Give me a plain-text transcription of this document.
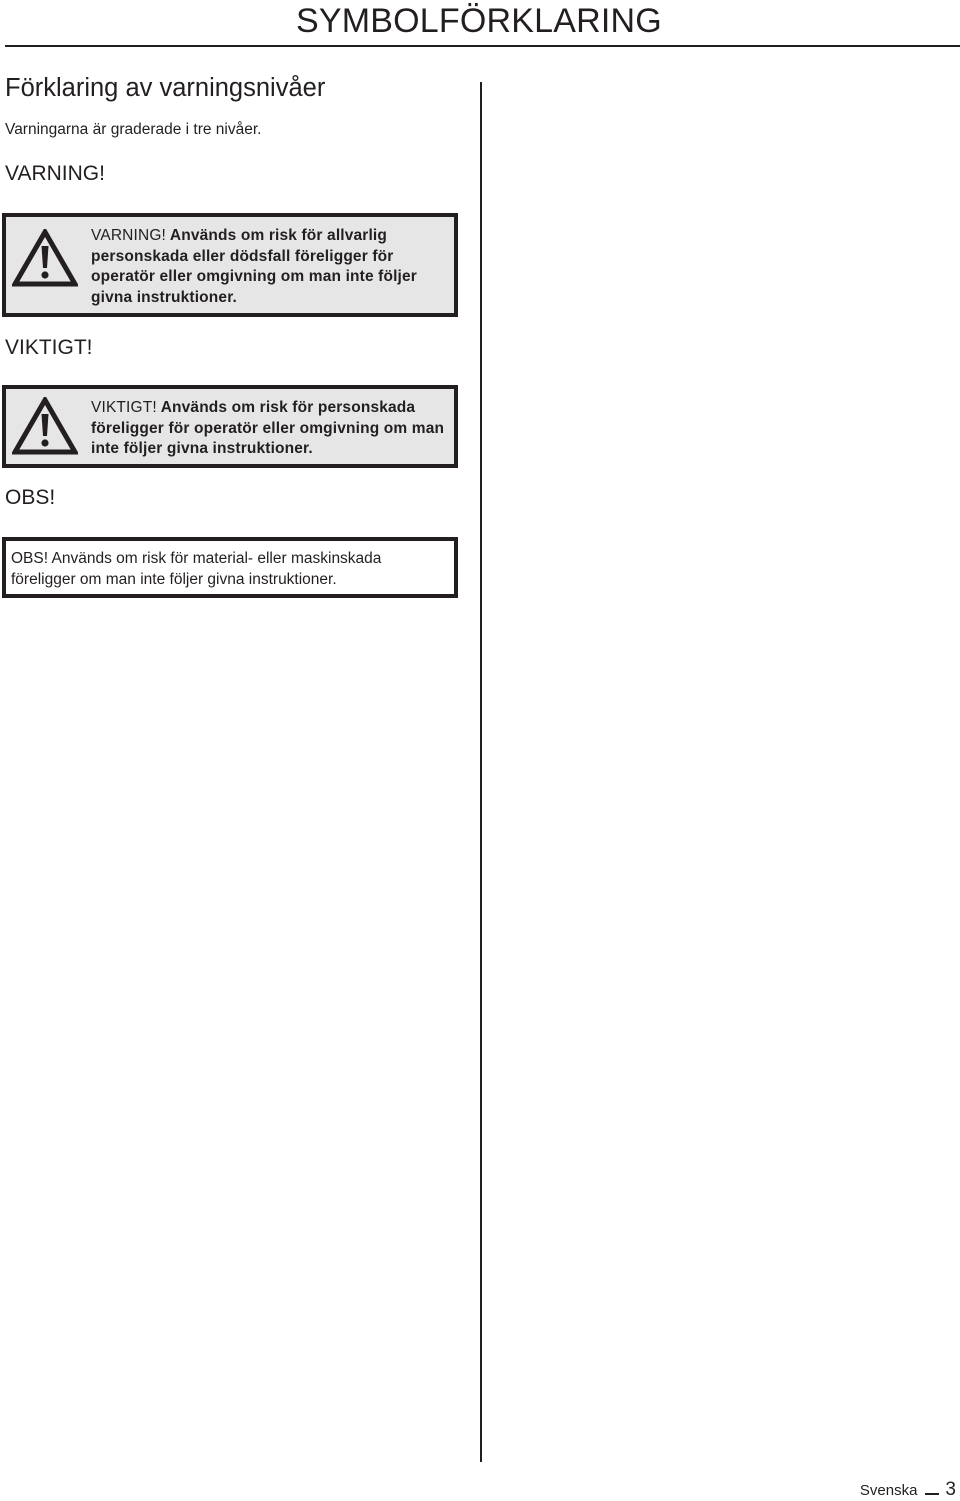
SYMBOLFÖRKLARING
Förklaring av varningsnivåer
Varningarna är graderade i tre nivåer.
VARNING!
VARNING! Används om risk för allvarlig personskada eller dödsfall föreligger för operatör eller omgivning om man inte följer givna instruktioner.
VIKTIGT!
VIKTIGT! Används om risk för personskada föreligger för operatör eller omgivning om man inte följer givna instruktioner.
OBS!
OBS! Används om risk för material- eller maskinskada föreligger om man inte följer givna instruktioner.
Svenska 3
